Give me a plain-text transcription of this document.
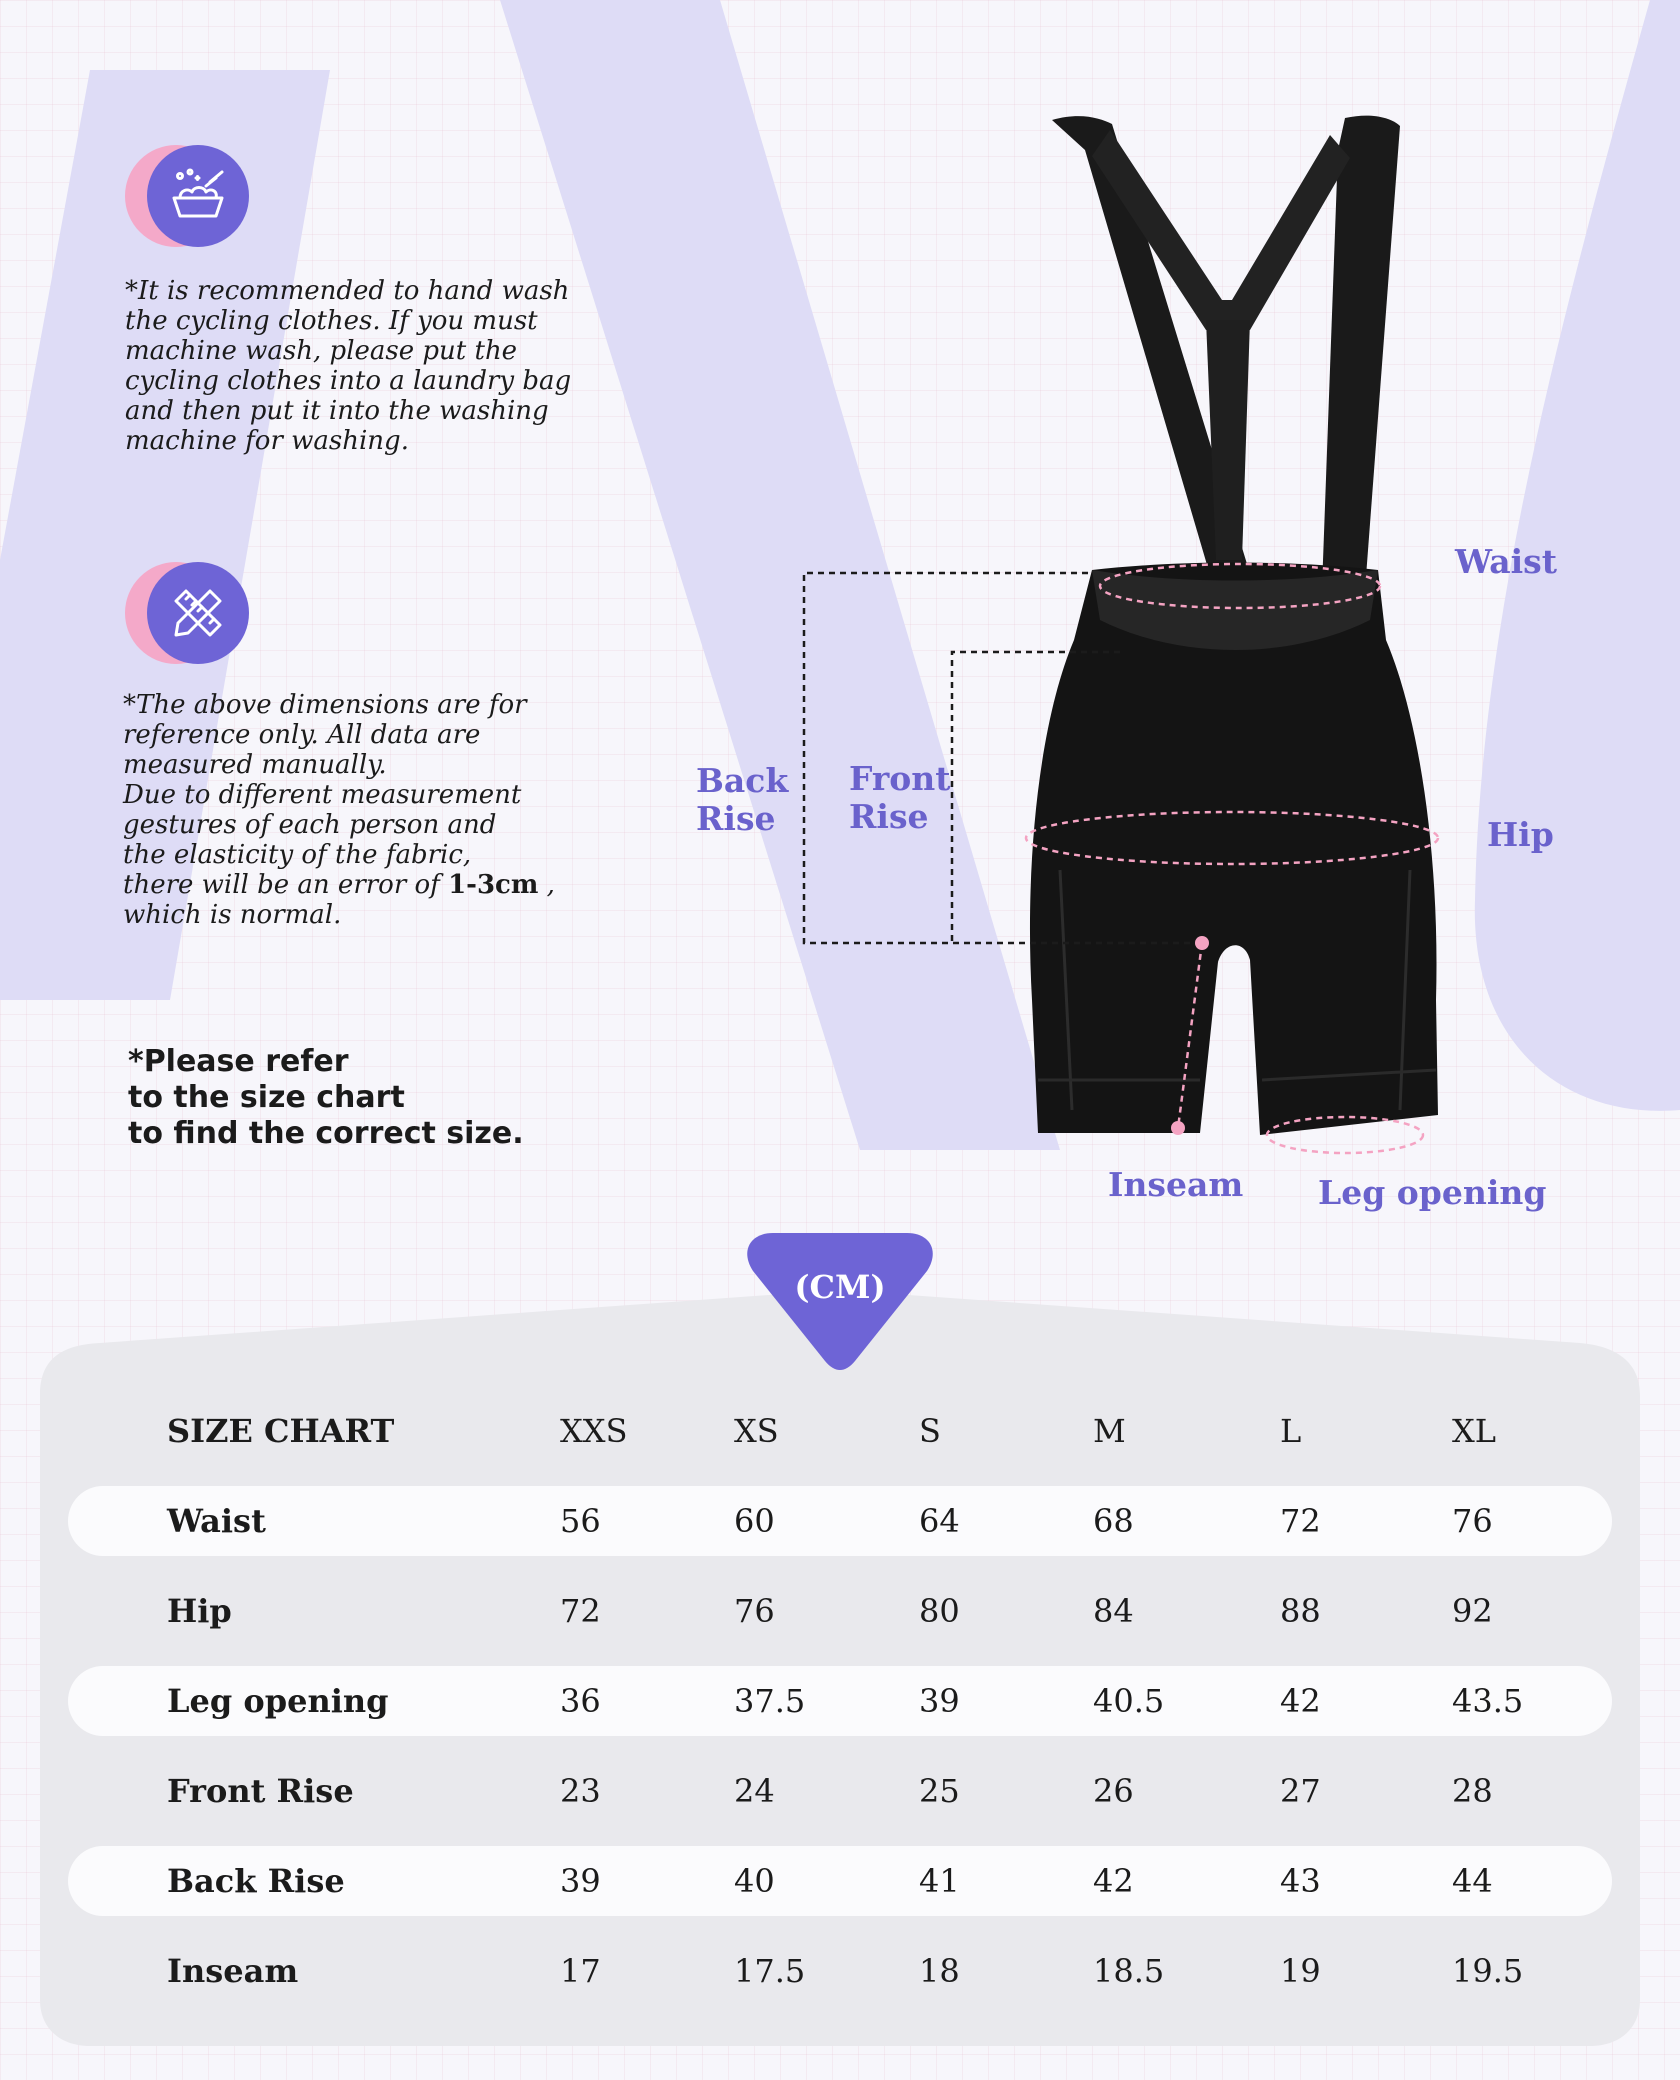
*It is recommended to hand wash
the cycling clothes. If you must
machine wash, please put the
cycling clothes into a laundry bag
and then put it into the washing
machine for washing.
*The above dimensions are for
reference only. All data are
measured manually.
Due to different measurement
gestures of each person and
the elasticity of the fabric,
there will be an error of 1-3cm ,
which is normal.
*Please refer
to the size chart
to find the correct size.
Waist
Hip
Back
Rise
Front
Rise
Inseam Leg opening
(CM)
SIZE CHART	XXS	XS	S	M	L	XL
Waist	56	60	64	68	72	76
Hip	72	76	80	84	88	92
Leg opening	36	37.5	39	40.5	42	43.5
Front Rise	23	24	25	26	27	28
Back Rise	39	40	41	42	43	44
Inseam	17	17.5	18	18.5	19	19.5
